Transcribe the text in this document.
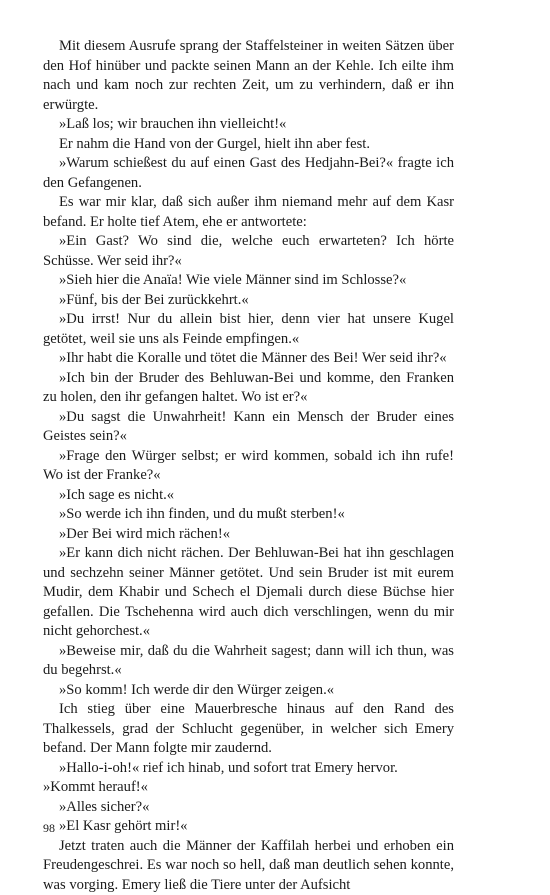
Mit diesem Ausrufe sprang der Staffelsteiner in weiten Sätzen über den Hof hinüber und packte seinen Mann an der Kehle. Ich eilte ihm nach und kam noch zur rechten Zeit, um zu verhindern, daß er ihn erwürgte.

»Laß los; wir brauchen ihn vielleicht!«

Er nahm die Hand von der Gurgel, hielt ihn aber fest.

»Warum schießest du auf einen Gast des Hedjahn-Bei?« fragte ich den Gefangenen.

Es war mir klar, daß sich außer ihm niemand mehr auf dem Kasr befand. Er holte tief Atem, ehe er antwortete:

»Ein Gast? Wo sind die, welche euch erwarteten? Ich hörte Schüsse. Wer seid ihr?«

»Sieh hier die Anaïa! Wie viele Männer sind im Schlosse?«

»Fünf, bis der Bei zurückkehrt.«

»Du irrst! Nur du allein bist hier, denn vier hat unsere Kugel getötet, weil sie uns als Feinde empfingen.«

»Ihr habt die Koralle und tötet die Männer des Bei! Wer seid ihr?«

»Ich bin der Bruder des Behluwan-Bei und komme, den Franken zu holen, den ihr gefangen haltet. Wo ist er?«

»Du sagst die Unwahrheit! Kann ein Mensch der Bruder eines Geistes sein?«

»Frage den Würger selbst; er wird kommen, sobald ich ihn rufe! Wo ist der Franke?«

»Ich sage es nicht.«

»So werde ich ihn finden, und du mußt sterben!«

»Der Bei wird mich rächen!«

»Er kann dich nicht rächen. Der Behluwan-Bei hat ihn geschlagen und sechzehn seiner Männer getötet. Und sein Bruder ist mit eurem Mudir, dem Khabir und Schech el Djemali durch diese Büchse hier gefallen. Die Tschehenna wird auch dich verschlingen, wenn du mir nicht gehorchest.«

»Beweise mir, daß du die Wahrheit sagest; dann will ich thun, was du begehrst.«

»So komm! Ich werde dir den Würger zeigen.«

Ich stieg über eine Mauerbresche hinaus auf den Rand des Thalkessels, grad der Schlucht gegenüber, in welcher sich Emery befand. Der Mann folgte mir zaudernd.

»Hallo-i-oh!« rief ich hinab, und sofort trat Emery hervor.

»Kommt herauf!«

»Alles sicher?«

»El Kasr gehört mir!«

Jetzt traten auch die Männer der Kaffilah herbei und erhoben ein Freudengeschrei. Es war noch so hell, daß man deutlich sehen konnte, was vorging. Emery ließ die Tiere unter der Aufsicht

98
